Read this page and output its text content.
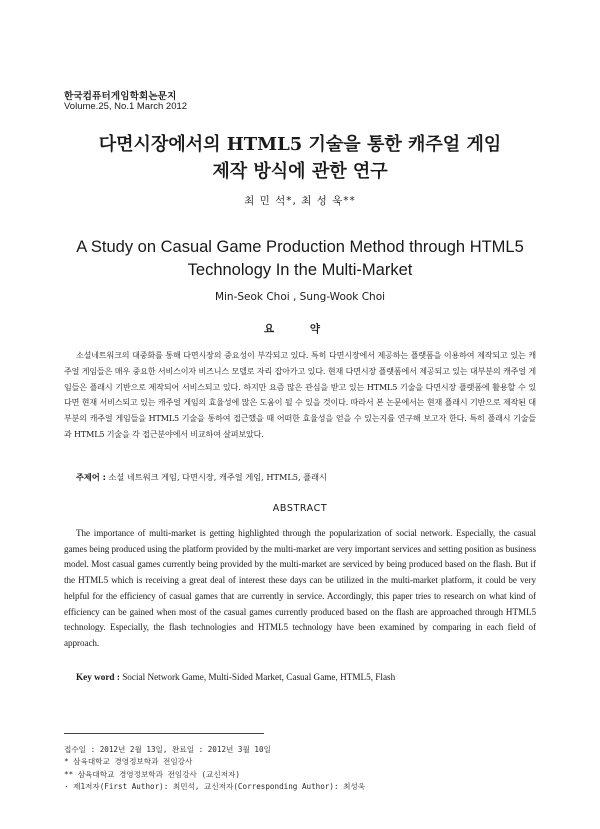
한국컴퓨터게임학회논문지
Volume.25, No.1 March 2012
다면시장에서의 HTML5 기술을 통한 캐주얼 게임
제작 방식에 관한 연구
최 민 석*, 최 성 욱**
A Study on Casual Game Production Method through HTML5
Technology In the Multi-Market
Min-Seok Choi , Sung-Wook Choi
요 약
소셜네트워크의 대중화를 통해 다면시장의 중요성이 부각되고 있다. 특히 다면시장에서 제공하는 플랫폼을 이용하여 제작되고 있는 캐주얼 게임들은 매우 중요한 서비스이자 비즈니스 모델로 자리 잡아가고 있다. 현재 다면시장 플랫폼에서 제공되고 있는 대부분의 캐주얼 게임들은 플래시 기반으로 제작되어 서비스되고 있다. 하지만 요즘 많은 관심을 받고 있는 HTML5 기술을 다면시장 플랫폼에 활용할 수 있다면 현재 서비스되고 있는 캐주얼 게임의 효율성에 많은 도움이 될 수 있을 것이다. 따라서 본 논문에서는 현재 플래시 기반으로 제작된 대부분의 캐주얼 게임들을 HTML5 기술을 통하여 접근했을 때 어떠한 효율성을 얻을 수 있는지를 연구해 보고자 한다. 특히 플래시 기술들과 HTML5 기술을 각 접근분야에서 비교하여 살펴보았다.
주제어 : 소셜 네트워크 게임, 다면시장, 캐주얼 게임, HTML5, 플래시
ABSTRACT
The importance of multi-market is getting highlighted through the popularization of social network. Especially, the casual games being produced using the platform provided by the multi-market are very important services and setting position as business model. Most casual games currently being provided by the multi-market are serviced by being produced based on the flash. But if the HTML5 which is receiving a great deal of interest these days can be utilized in the multi-market platform, it could be very helpful for the efficiency of casual games that are currently in service. Accordingly, this paper tries to research on what kind of efficiency can be gained when most of the casual games currently produced based on the flash are approached through HTML5 technology. Especially, the flash technologies and HTML5 technology have been examined by comparing in each field of approach.
Key word : Social Network Game, Multi-Sided Market, Casual Game, HTML5, Flash
접수일 : 2012년 2월 13일, 완료일 : 2012년 3월 10일
* 삼육대학교 경영정보학과 전임강사
** 삼육대학교 경영정보학과 전임강사 (교신저자)
· 제1저자(First Author): 최민석, 교신저자(Corresponding Author): 최성욱
